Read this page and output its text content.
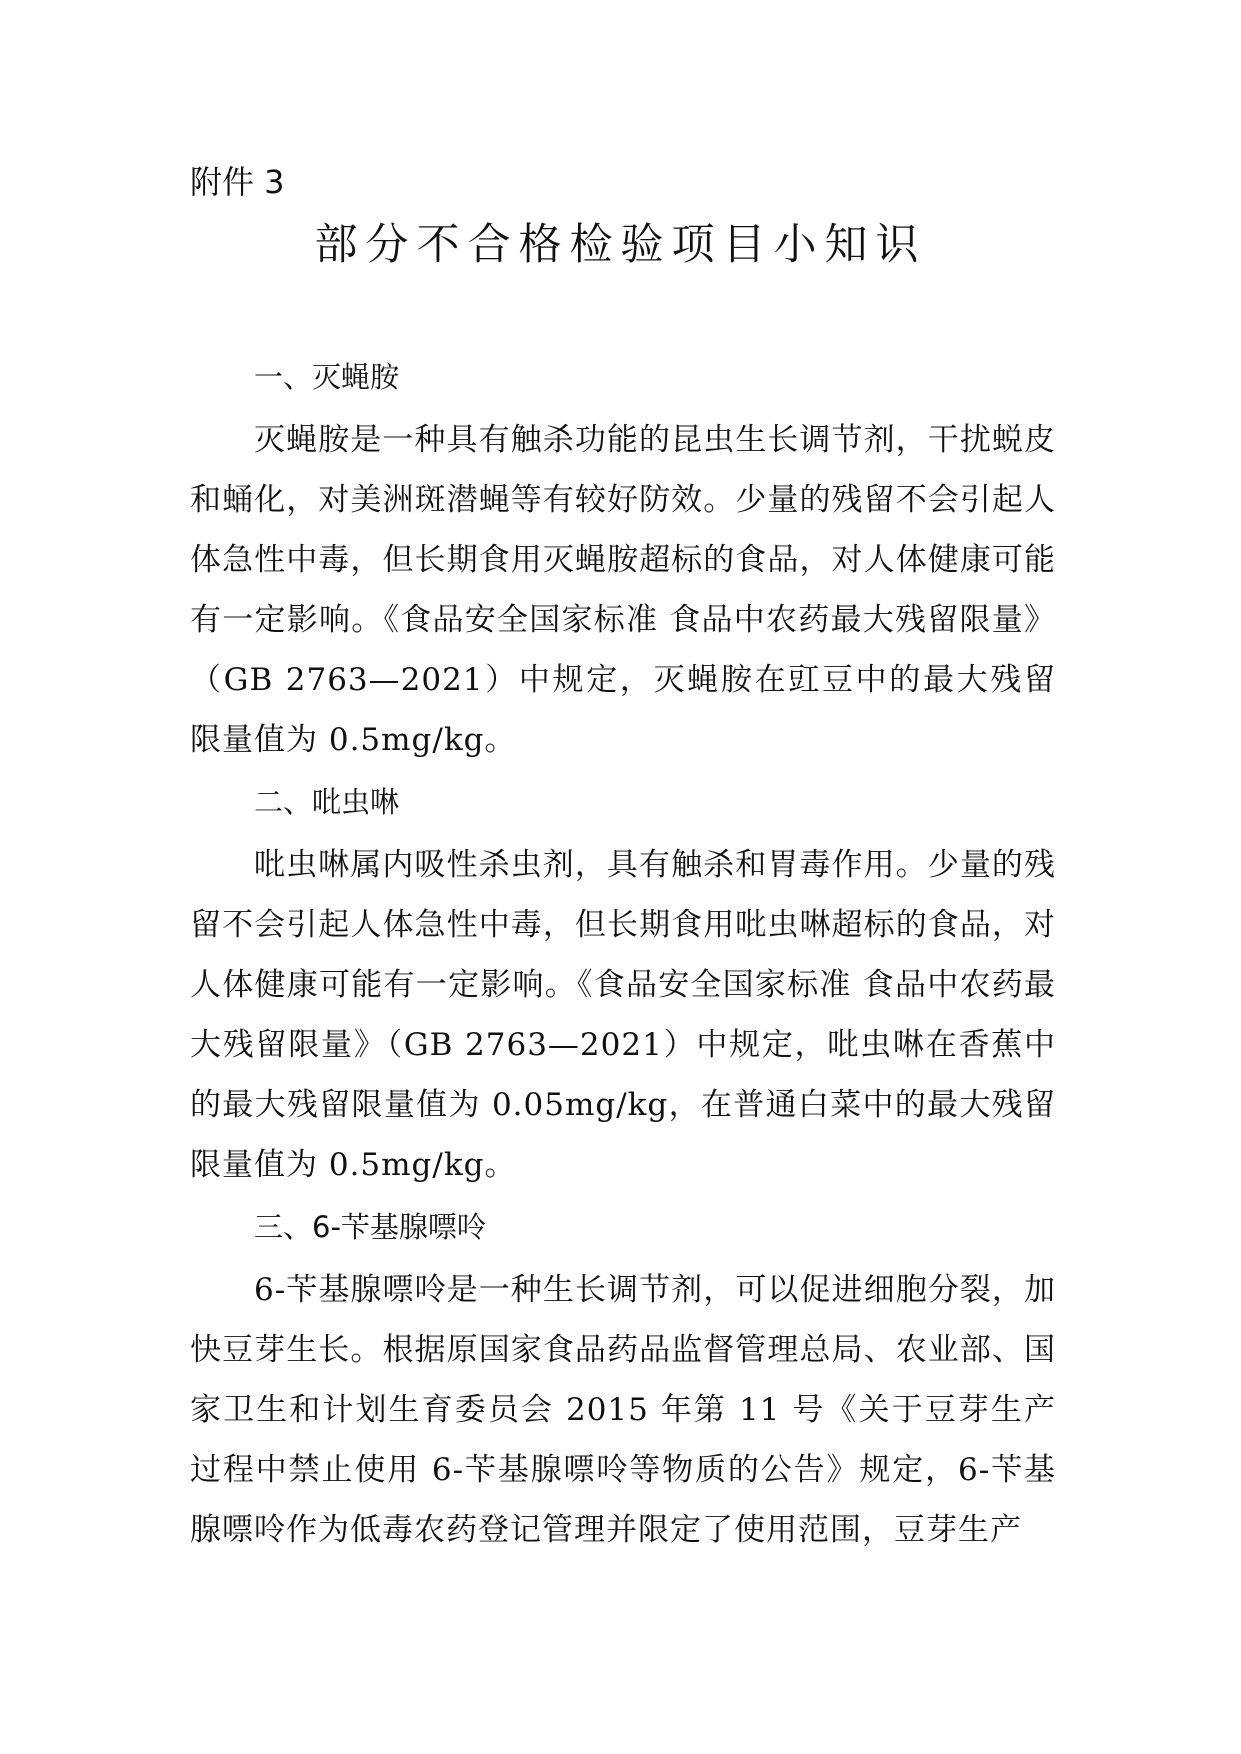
附件 3
部分不合格检验项目小知识
一、灭蝇胺

灭蝇胺是一种具有触杀功能的昆虫生长调节剂，干扰蜕皮和蛹化，对美洲斑潜蝇等有较好防效。少量的残留不会引起人体急性中毒，但长期食用灭蝇胺超标的食品，对人体健康可能有一定影响。《食品安全国家标准 食品中农药最大残留限量》（GB 2763—2021）中规定，灭蝇胺在豇豆中的最大残留限量值为 0.5mg/kg。

二、吡虫啉

吡虫啉属内吸性杀虫剂，具有触杀和胃毒作用。少量的残留不会引起人体急性中毒，但长期食用吡虫啉超标的食品，对人体健康可能有一定影响。《食品安全国家标准 食品中农药最大残留限量》（GB 2763—2021）中规定，吡虫啉在香蕉中的最大残留限量值为 0.05mg/kg，在普通白菜中的最大残留限量值为 0.5mg/kg。

三、6-苄基腺嘌呤

6-苄基腺嘌呤是一种生长调节剂，可以促进细胞分裂，加快豆芽生长。根据原国家食品药品监督管理总局、农业部、国家卫生和计划生育委员会 2015 年第 11 号《关于豆芽生产过程中禁止使用 6-苄基腺嘌呤等物质的公告》规定，6-苄基腺嘌呤作为低毒农药登记管理并限定了使用范围，豆芽生产
